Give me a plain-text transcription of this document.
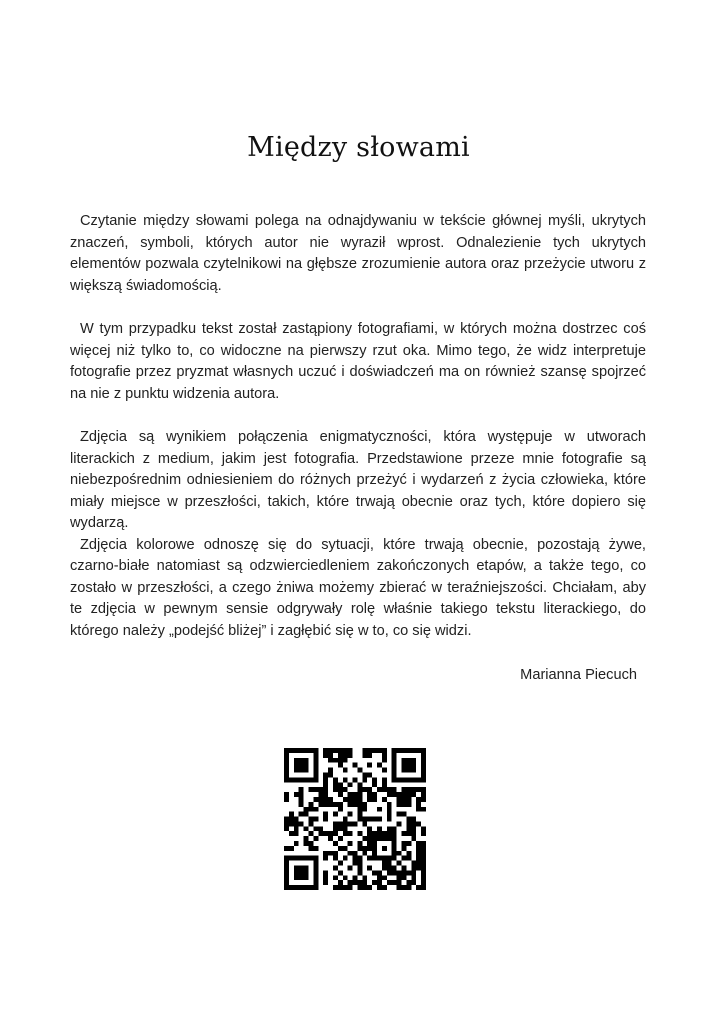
Między słowami

Czytanie między słowami polega na odnajdywaniu w tekście głównej myśli, ukrytych znaczeń, symboli, których autor nie wyraził wprost. Odnalezienie tych ukrytych elementów pozwala czytelnikowi na głębsze zrozumienie autora oraz przeżycie utworu z większą świadomością.

W tym przypadku tekst został zastąpiony fotografiami, w których można dostrzec coś więcej niż tylko to, co widoczne na pierwszy rzut oka. Mimo tego, że widz interpretuje fotografie przez pryzmat własnych uczuć i doświadczeń ma on również szansę spojrzeć na nie z punktu widzenia autora.

Zdjęcia są wynikiem połączenia enigmatyczności, która występuje w utworach literackich z medium, jakim jest fotografia. Przedstawione przeze mnie fotografie są niebezpośrednim odniesieniem do różnych przeżyć i wydarzeń z życia człowieka, które miały miejsce w przeszłości, takich, które trwają obecnie oraz tych, które dopiero się wydarzą.

Zdjęcia kolorowe odnoszę się do sytuacji, które trwają obecnie, pozostają żywe, czarno-białe natomiast są odzwierciedleniem zakończonych etapów, a także tego, co zostało w przeszłości, a czego żniwa możemy zbierać w teraźniejszości. Chciałam, aby te zdjęcia w pewnym sensie odgrywały rolę właśnie takiego tekstu literackiego, do którego należy „podejść bliżej” i zagłębić się w to, co się widzi.

Marianna Piecuch
